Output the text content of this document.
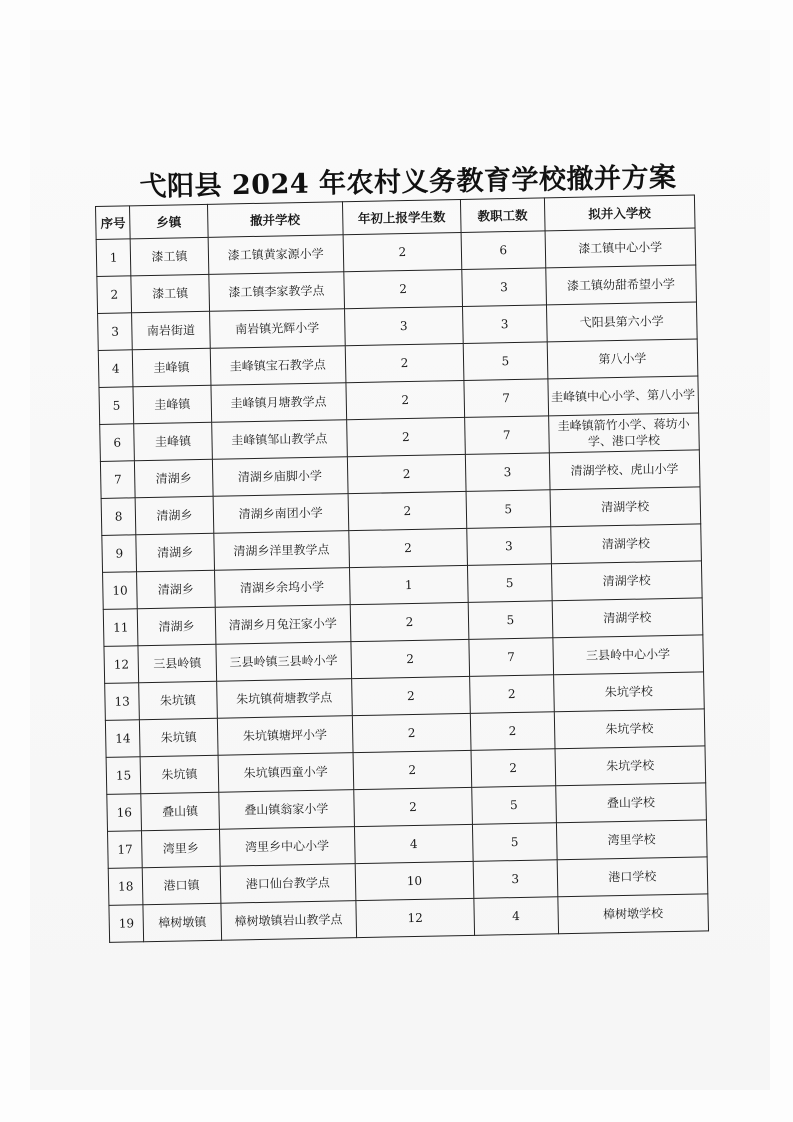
弋阳县 2024 年农村义务教育学校撤并方案
序号	乡镇	撤并学校	年初上报学生数	教职工数	拟并入学校
1	漆工镇	漆工镇黄家源小学	2	6	漆工镇中心小学
2	漆工镇	漆工镇李家教学点	2	3	漆工镇幼甜希望小学
3	南岩街道	南岩镇光辉小学	3	3	弋阳县第六小学
4	圭峰镇	圭峰镇宝石教学点	2	5	第八小学
5	圭峰镇	圭峰镇月塘教学点	2	7	圭峰镇中心小学、第八小学
6	圭峰镇	圭峰镇邹山教学点	2	7	圭峰镇箭竹小学、蒋坊小学、港口学校
7	清湖乡	清湖乡庙脚小学	2	3	清湖学校、虎山小学
8	清湖乡	清湖乡南团小学	2	5	清湖学校
9	清湖乡	清湖乡洋里教学点	2	3	清湖学校
10	清湖乡	清湖乡余坞小学	1	5	清湖学校
11	清湖乡	清湖乡月兔汪家小学	2	5	清湖学校
12	三县岭镇	三县岭镇三县岭小学	2	7	三县岭中心小学
13	朱坑镇	朱坑镇荷塘教学点	2	2	朱坑学校
14	朱坑镇	朱坑镇塘坪小学	2	2	朱坑学校
15	朱坑镇	朱坑镇西童小学	2	2	朱坑学校
16	叠山镇	叠山镇翁家小学	2	5	叠山学校
17	湾里乡	湾里乡中心小学	4	5	湾里学校
18	港口镇	港口仙台教学点	10	3	港口学校
19	樟树墩镇	樟树墩镇岩山教学点	12	4	樟树墩学校
